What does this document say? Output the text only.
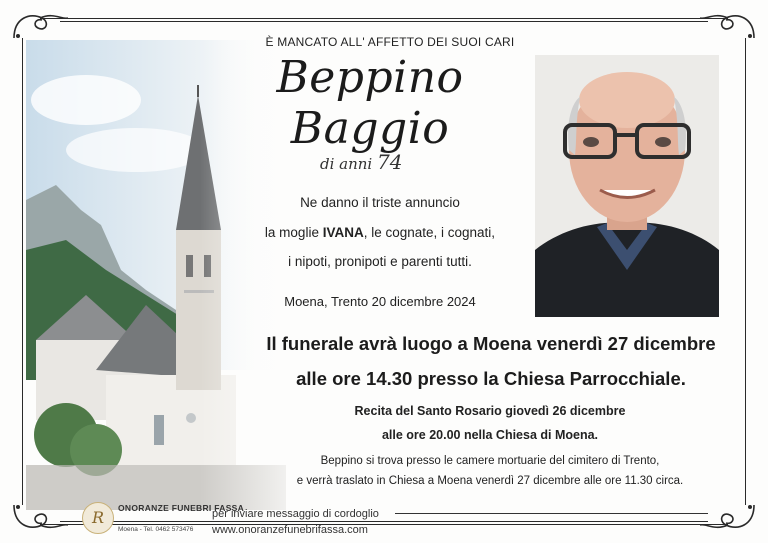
È MANCATO ALL' AFFETTO DEI SUOI CARI
Beppino Baggio
di anni 74
Ne danno il triste annuncio
la moglie IVANA, le cognate, i cognati,
i nipoti, pronipoti e parenti tutti.
Moena, Trento 20 dicembre 2024
Il funerale avrà luogo a Moena venerdì 27 dicembre
alle ore 14.30 presso la Chiesa Parrocchiale.
Recita del Santo Rosario giovedì 26 dicembre
alle ore 20.00 nella Chiesa di Moena.
Beppino si trova presso le camere mortuarie del cimitero di Trento,
e verrà traslato in Chiesa a Moena venerdì 27 dicembre alle ore 11.30 circa.
R	ONORANZE FUNEBRI FASSA
Moena - Tel. 0462 573476
per inviare messaggio di cordoglio
www.onoranzefunebrifassa.com
